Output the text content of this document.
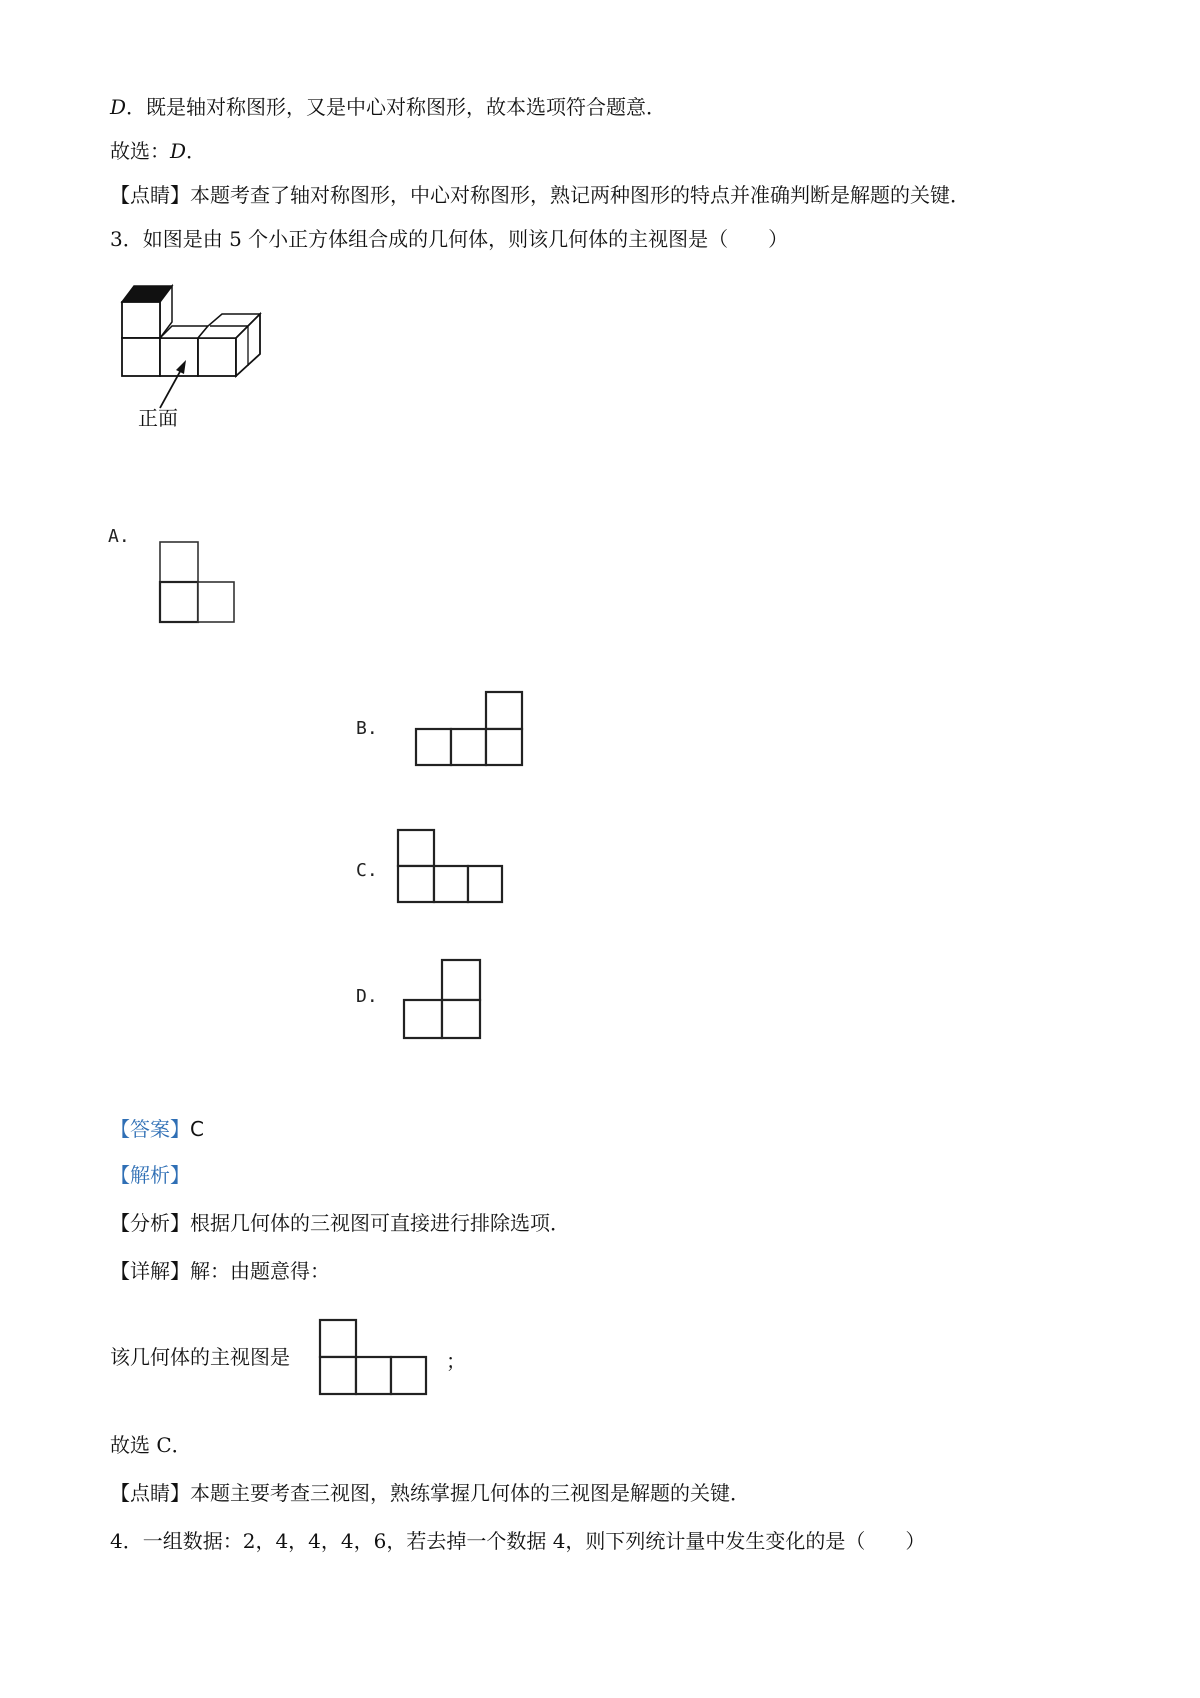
D．既是轴对称图形，又是中心对称图形，故本选项符合题意．
故选：D．
【点睛】本题考查了轴对称图形，中心对称图形，熟记两种图形的特点并准确判断是解题的关键．
3．如图是由 5 个小正方体组合成的几何体，则该几何体的主视图是（　　）
正面
A.
B.
C.
D.
【答案】C
【解析】
【分析】根据几何体的三视图可直接进行排除选项．
【详解】解：由题意得：
该几何体的主视图是	；
故选 C．
【点睛】本题主要考查三视图，熟练掌握几何体的三视图是解题的关键．
4．一组数据：2，4，4，4，6，若去掉一个数据 4，则下列统计量中发生变化的是（　　）
